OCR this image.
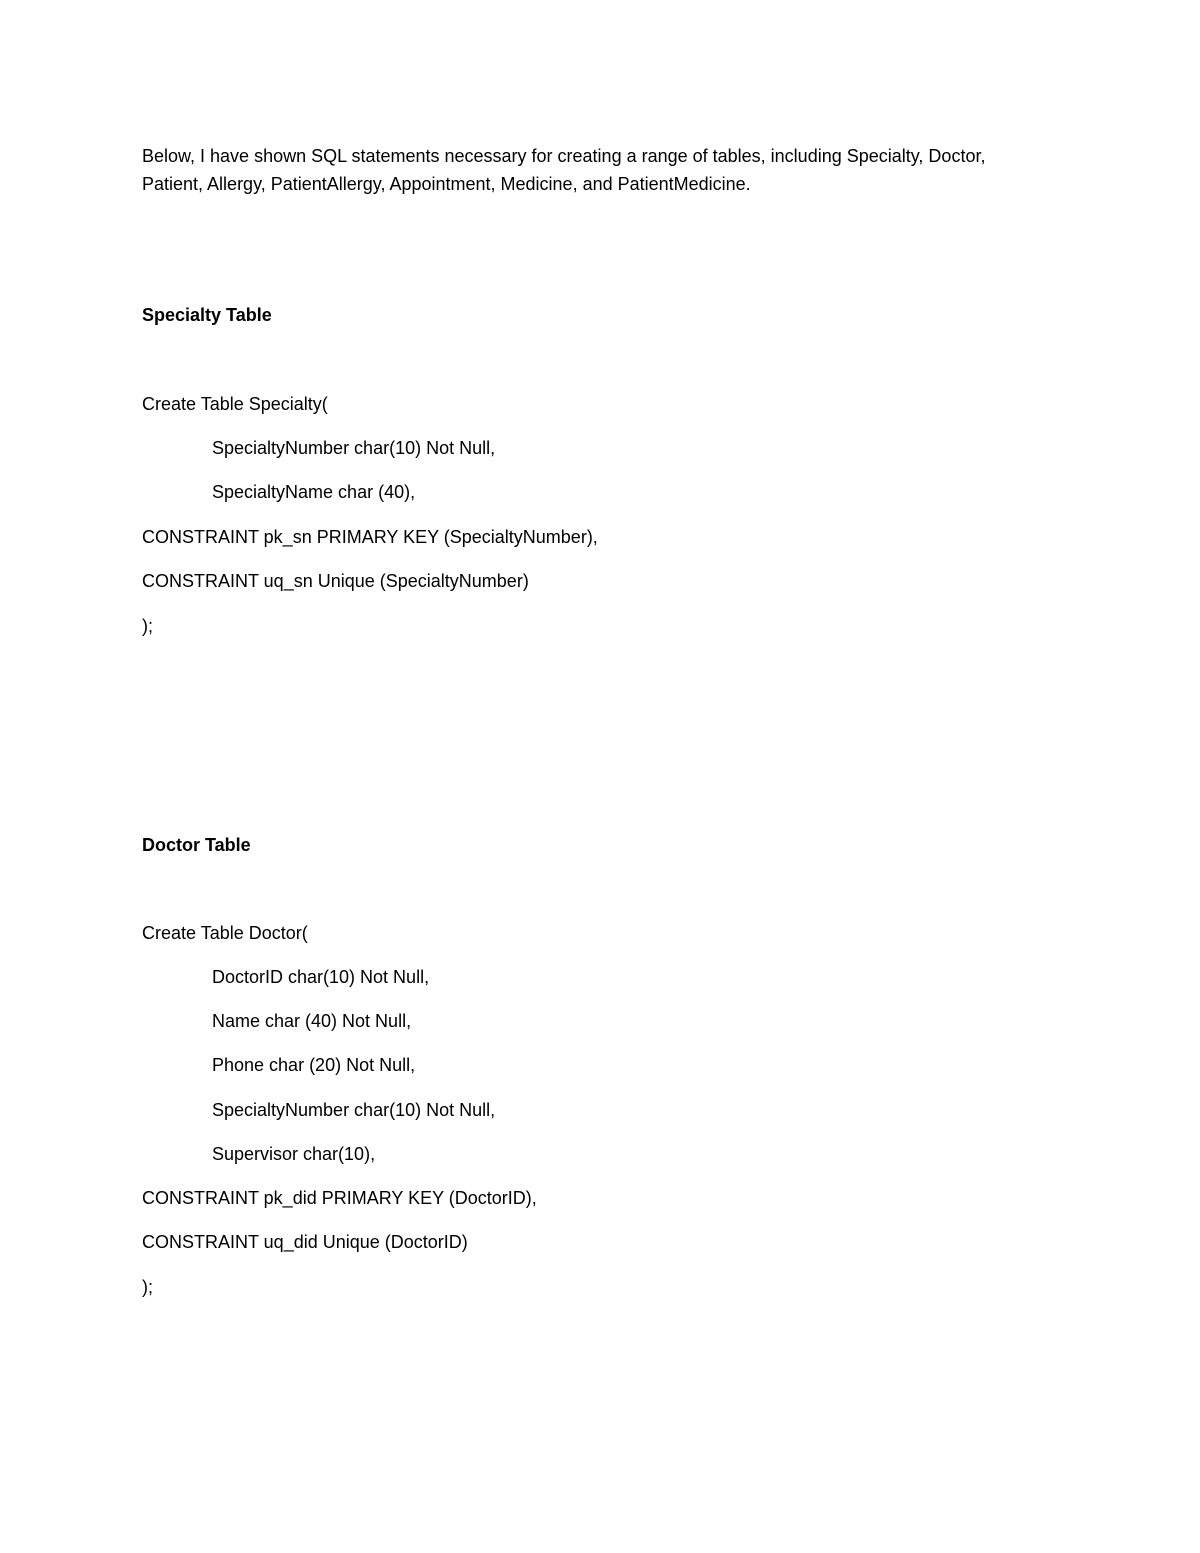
Below, I have shown SQL statements necessary for creating a range of tables, including Specialty, Doctor,
Patient, Allergy, PatientAllergy, Appointment, Medicine, and PatientMedicine.
Specialty Table
Create Table Specialty(
SpecialtyNumber char(10) Not Null,
SpecialtyName char (40),
CONSTRAINT pk_sn PRIMARY KEY (SpecialtyNumber),
CONSTRAINT uq_sn Unique (SpecialtyNumber)
);
Doctor Table
Create Table Doctor(
DoctorID char(10) Not Null,
Name char (40) Not Null,
Phone char (20) Not Null,
SpecialtyNumber char(10) Not Null,
Supervisor char(10),
CONSTRAINT pk_did PRIMARY KEY (DoctorID),
CONSTRAINT uq_did Unique (DoctorID)
);
